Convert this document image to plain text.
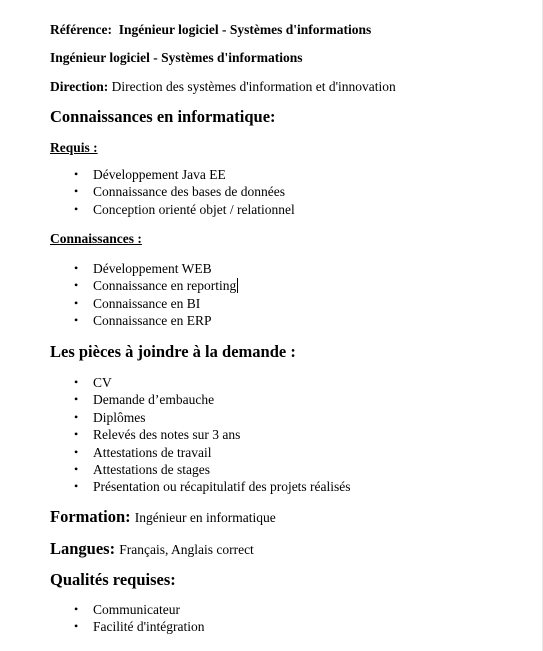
Référence: Ingénieur logiciel - Systèmes d'informations
Ingénieur logiciel - Systèmes d'informations
Direction: Direction des systèmes d'information et d'innovation
Connaissances en informatique:
Requis :
• Développement Java EE
• Connaissance des bases de données
• Conception orienté objet / relationnel
Connaissances :
• Développement WEB
• Connaissance en reporting
• Connaissance en BI
• Connaissance en ERP
Les pièces à joindre à la demande :
• CV
• Demande d’embauche
• Diplômes
• Relevés des notes sur 3 ans
• Attestations de travail
• Attestations de stages
• Présentation ou récapitulatif des projets réalisés
Formation: Ingénieur en informatique
Langues: Français, Anglais correct
Qualités requises:
• Communicateur
• Facilité d'intégration
